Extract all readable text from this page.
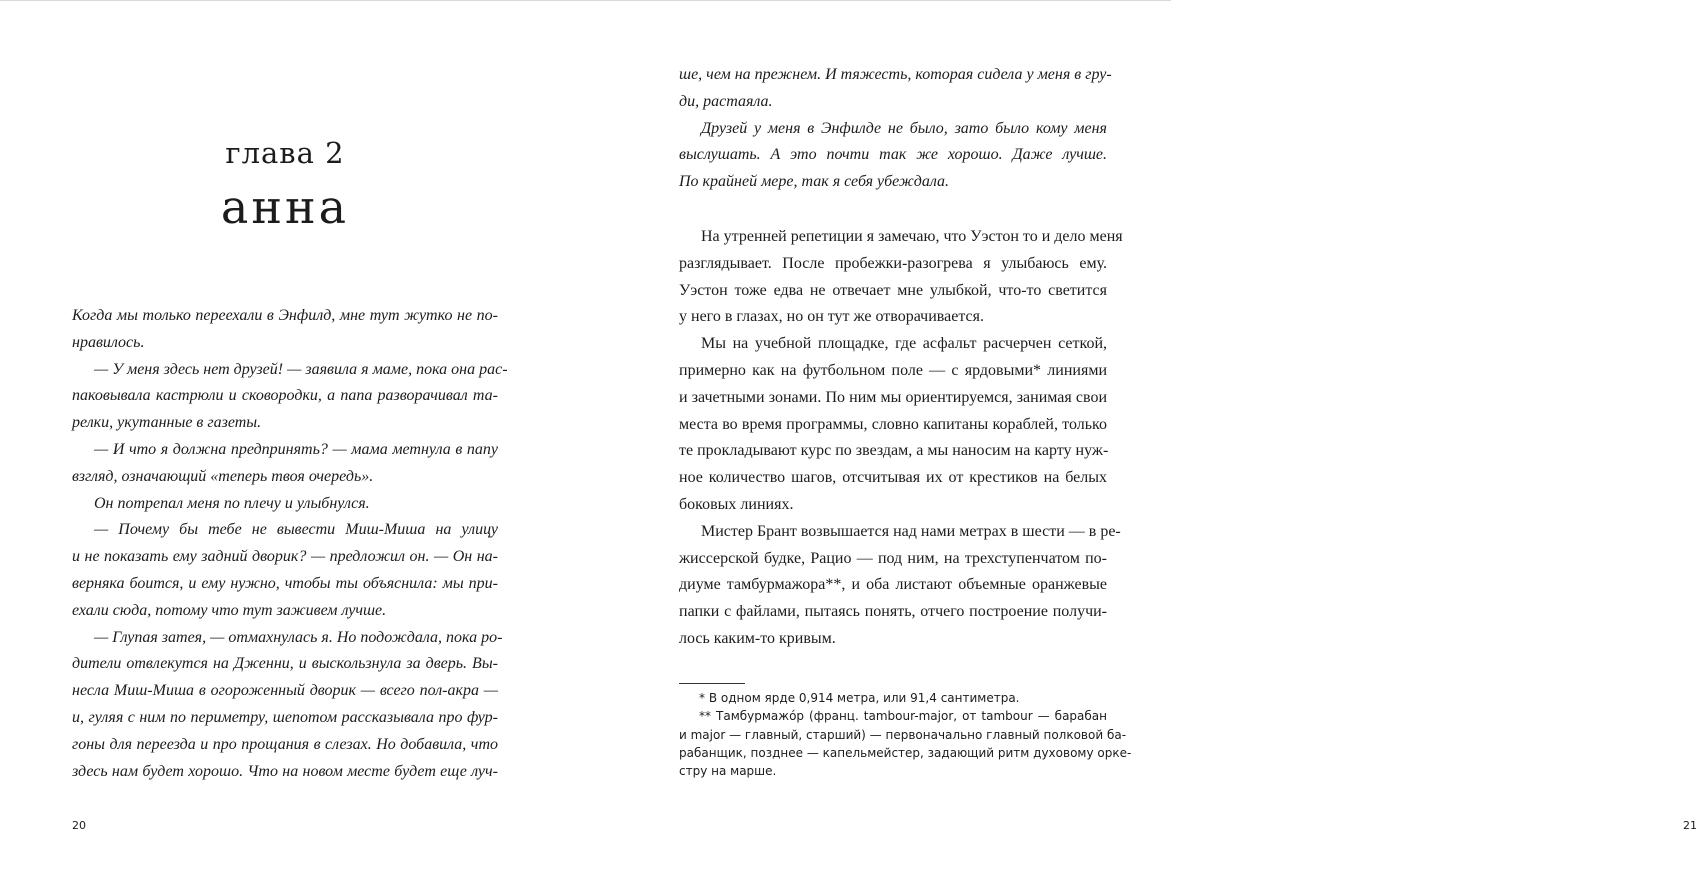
глава 2
анна
20
Когда мы только переехали в Энфилд, мне тут жутко не по-
нравилось.
— У меня здесь нет друзей! — заявила я маме, пока она рас-
паковывала кастрюли и сковородки, а папа разворачивал та-
релки, укутанные в газеты.
— И что я должна предпринять? — мама метнула в папу
взгляд, означающий «теперь твоя очередь».
Он потрепал меня по плечу и улыбнулся.
— Почему бы тебе не вывести Миш-Миша на улицу
и не показать ему задний дворик? — предложил он. — Он на-
верняка боится, и ему нужно, чтобы ты объяснила: мы при-
ехали сюда, потому что тут заживем лучше.
— Глупая затея, — отмахнулась я. Но подождала, пока ро-
дители отвлекутся на Дженни, и выскользнула за дверь. Вы-
несла Миш-Миша в огороженный дворик — всего пол-акра —
и, гуляя с ним по периметру, шепотом рассказывала про фур-
гоны для переезда и про прощания в слезах. Но добавила, что
здесь нам будет хорошо. Что на новом месте будет еще луч-
21
ше, чем на прежнем. И тяжесть, которая сидела у меня в гру-
ди, растаяла.
Друзей у меня в Энфилде не было, зато было кому меня
выслушать. А это почти так же хорошо. Даже лучше.
По крайней мере, так я себя убеждала.
На утренней репетиции я замечаю, что Уэстон то и дело меня
разглядывает. После пробежки-разогрева я улыбаюсь ему.
Уэстон тоже едва не отвечает мне улыбкой, что-то светится
у него в глазах, но он тут же отворачивается.
Мы на учебной площадке, где асфальт расчерчен сеткой,
примерно как на футбольном поле — с ярдовыми* линиями
и зачетными зонами. По ним мы ориентируемся, занимая свои
места во время программы, словно капитаны кораблей, только
те прокладывают курс по звездам, а мы наносим на карту нуж-
ное количество шагов, отсчитывая их от крестиков на белых
боковых линиях.
Мистер Брант возвышается над нами метрах в шести — в ре-
жиссерской будке, Рацио — под ним, на трехступенчатом по-
диуме тамбурмажора**, и оба листают объемные оранжевые
папки с файлами, пытаясь понять, отчего построение получи-
лось каким-то кривым.
* В одном ярде 0,914 метра, или 91,4 сантиметра.
** Тамбурмажóр (франц. tambour-major, от tambour — барабан
и major — главный, старший) — первоначально главный полковой ба-
рабанщик, позднее — капельмейстер, задающий ритм духовому орке-
стру на марше.
